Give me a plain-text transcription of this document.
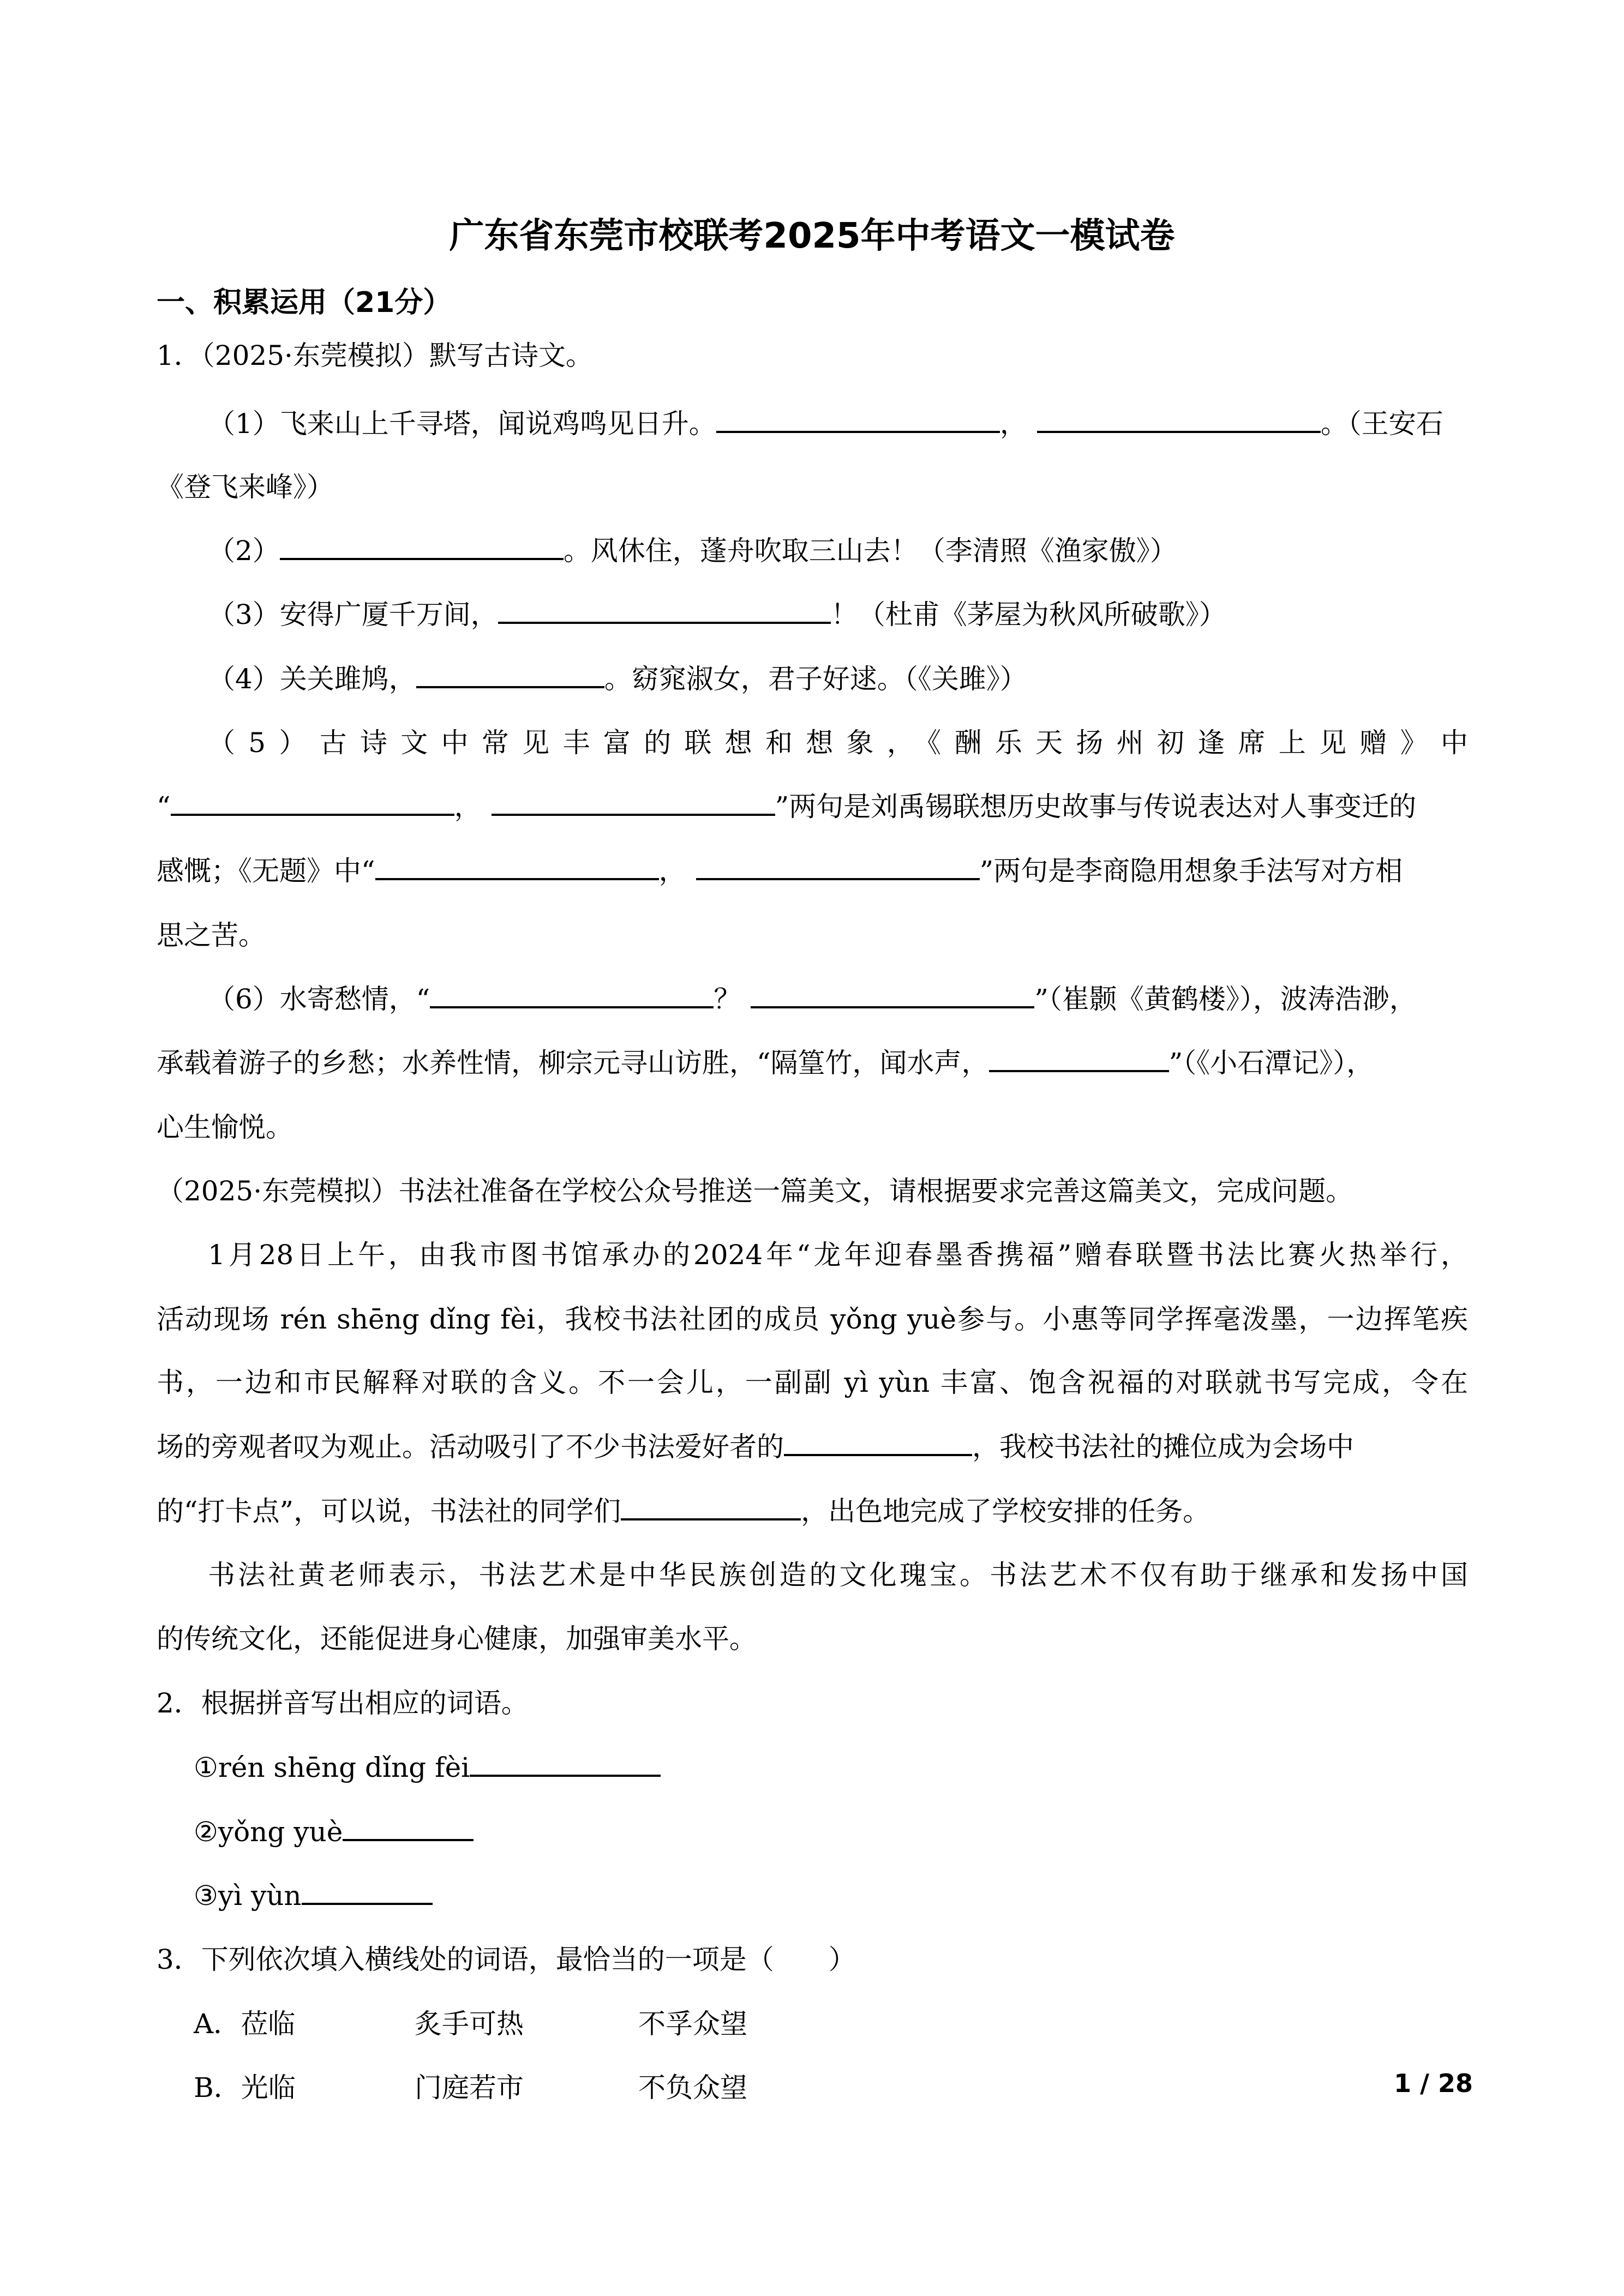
广东省东莞市校联考2025年中考语文一模试卷
一、积累运用（21分）
1．（2025·东莞模拟）默写古诗文。
（1）飞来山上千寻塔，闻说鸡鸣见日升。	，	。（王安石
《登飞来峰》）
（2）	。风休住，蓬舟吹取三山去！（李清照《渔家傲》）
（3）安得广厦千万间，	！（杜甫《茅屋为秋风所破歌》）
（4）关关雎鸠，	。窈窕淑女，君子好逑。（《关雎》）
（5）古诗文中常见丰富的联想和想象，《酬乐天扬州初逢席上见赠》中
“	，	”两句是刘禹锡联想历史故事与传说表达对人事变迁的
感慨；《无题》中“	，	”两句是李商隐用想象手法写对方相
思之苦。
（6）水寄愁情，“	？	”（崔颢《黄鹤楼》），波涛浩渺，
承载着游子的乡愁；水养性情，柳宗元寻山访胜，“隔篁竹，闻水声，	”（《小石潭记》），
心生愉悦。
（2025·东莞模拟）书法社准备在学校公众号推送一篇美文，请根据要求完善这篇美文，完成问题。
1月28日上午，由我市图书馆承办的2024年“龙年迎春墨香携福”赠春联暨书法比赛火热举行，
活动现场 rén shēng dǐng fèi，我校书法社团的成员 yǒng yuè参与。小惠等同学挥毫泼墨，一边挥笔疾
书，一边和市民解释对联的含义。不一会儿，一副副 yì yùn 丰富、饱含祝福的对联就书写完成，令在
场的旁观者叹为观止。活动吸引了不少书法爱好者的	，我校书法社的摊位成为会场中
的“打卡点”，可以说，书法社的同学们	，出色地完成了学校安排的任务。
书法社黄老师表示，书法艺术是中华民族创造的文化瑰宝。书法艺术不仅有助于继承和发扬中国
的传统文化，还能促进身心健康，加强审美水平。
2．根据拼音写出相应的词语。
①rén shēng dǐng fèi
②yǒng yuè
③yì yùn
3．下列依次填入横线处的词语，最恰当的一项是（　　）
A．莅临	炙手可热	不孚众望
B．光临	门庭若市	不负众望	1 / 28
